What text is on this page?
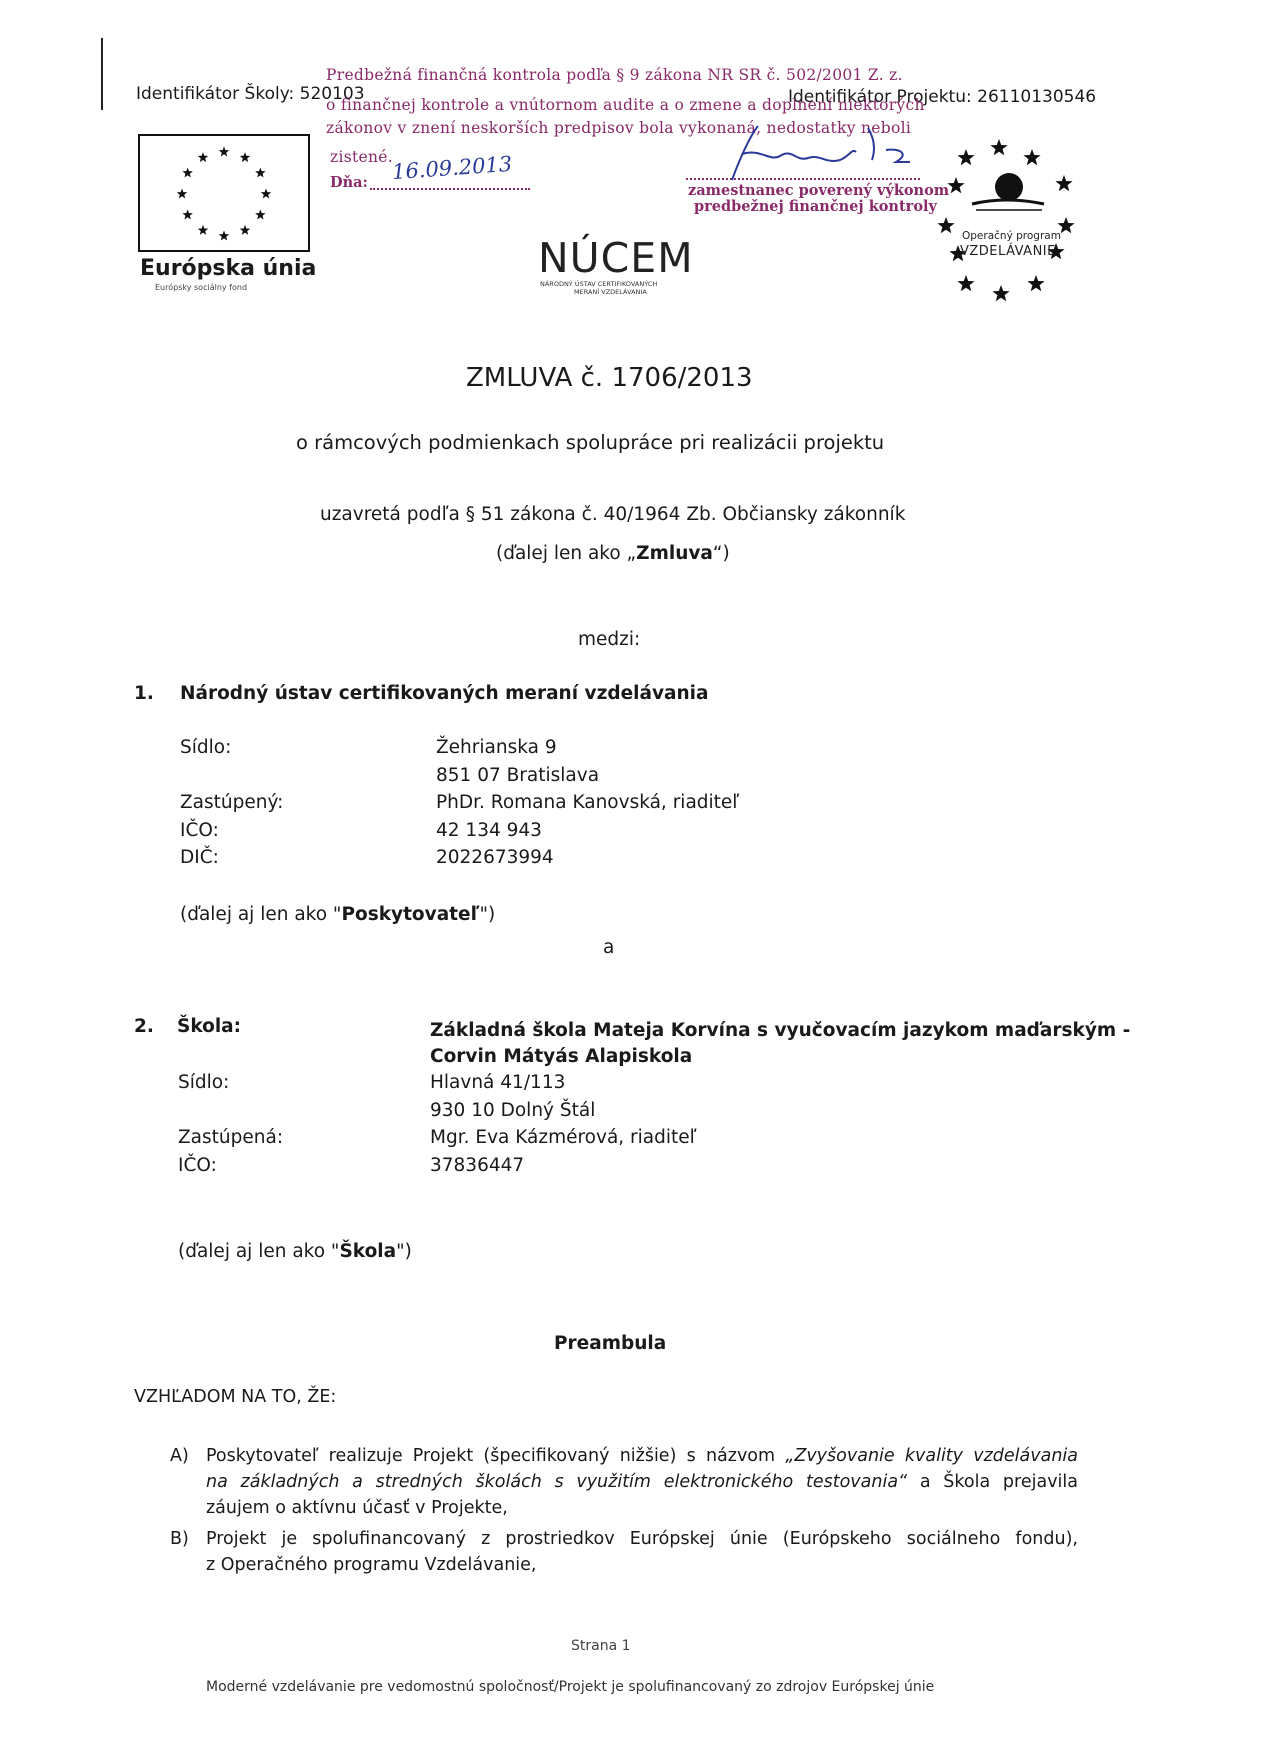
Identifikátor Školy: 520103	Identifikátor Projektu: 26110130546
Európska únia
Európsky sociálny fond
Predbežná finančná kontrola podľa § 9 zákona NR SR č. 502/2001 Z. z.
o finančnej kontrole a vnútornom audite a o zmene a doplnení niektorých
zákonov v znení neskorších predpisov bola vykonaná, nedostatky neboli
zistené.
Dňa: 16.09.2013
zamestnanec poverený výkonom
predbežnej finančnej kontroly
NÚCEM
NÁRODNÝ ÚSTAV CERTIFIKOVANÝCH
MERANÍ VZDELÁVANIA
Operačný program
VZDELÁVANIE
ZMLUVA č. 1706/2013
o rámcových podmienkach spolupráce pri realizácii projektu
uzavretá podľa § 51 zákona č. 40/1964 Zb. Občiansky zákonník
(ďalej len ako „Zmluva“)
medzi:
1. Národný ústav certifikovaných meraní vzdelávania
Sídlo:	Žehrianska 9
851 07 Bratislava
Zastúpený:	PhDr. Romana Kanovská, riaditeľ
IČO:	42 134 943
DIČ:	2022673994
(ďalej aj len ako "Poskytovateľ")
a
2. Škola:	Základná škola Mateja Korvína s vyučovacím jazykom maďarským -
Corvin Mátyás Alapiskola
Sídlo:	Hlavná 41/113
930 10 Dolný Štál
Zastúpená:	Mgr. Eva Kázmérová, riaditeľ
IČO:	37836447
(ďalej aj len ako "Škola")
Preambula
VZHĽADOM NA TO, ŽE:
A) Poskytovateľ realizuje Projekt (špecifikovaný nižšie) s názvom „Zvyšovanie kvality vzdelávania
na základných a stredných školách s využitím elektronického testovania“ a Škola prejavila
záujem o aktívnu účasť v Projekte,
B) Projekt je spolufinancovaný z prostriedkov Európskej únie (Európskeho sociálneho fondu),
z Operačného programu Vzdelávanie,
Strana 1
Moderné vzdelávanie pre vedomostnú spoločnosť/Projekt je spolufinancovaný zo zdrojov Európskej únie
